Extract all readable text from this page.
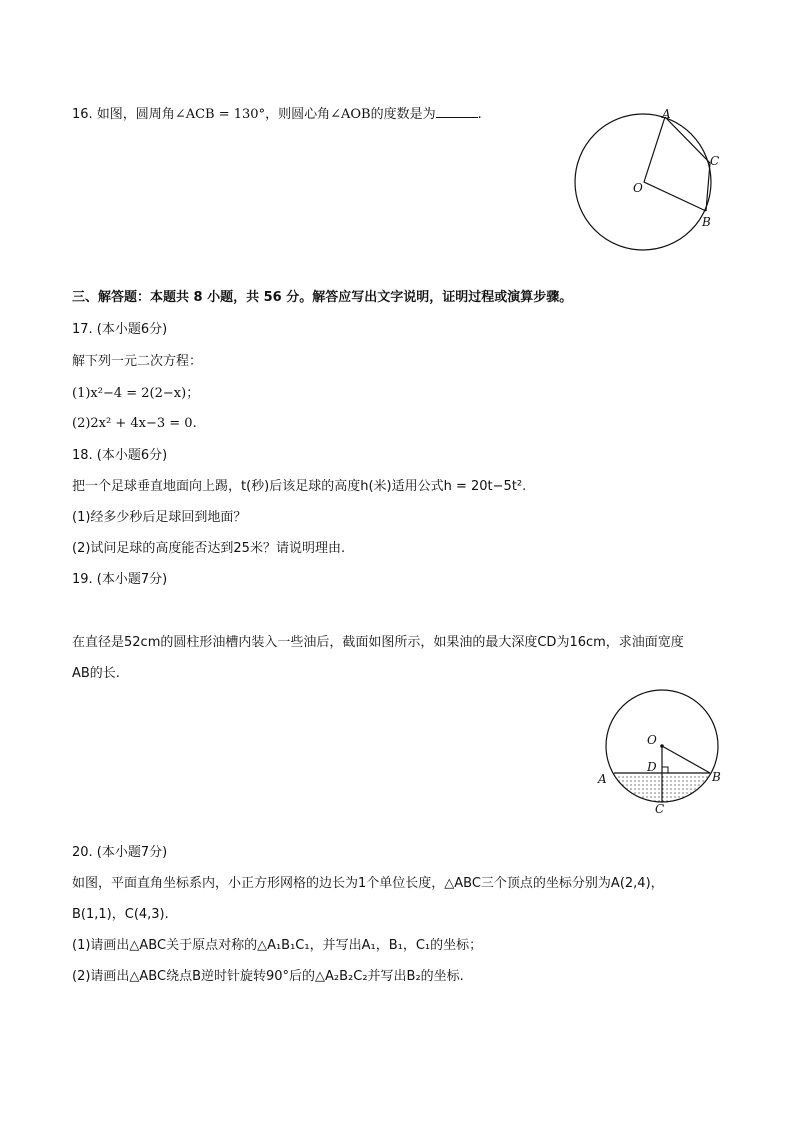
16. 如图，圆周角∠ACB = 130°，则圆心角∠AOB的度数是为	.	A
C
O
B
三、解答题：本题共 8 小题，共 56 分。解答应写出文字说明，证明过程或演算步骤。
17. (本小题6分)
解下列一元二次方程：
(1)x²−4 = 2(2−x)；
(2)2x² + 4x−3 = 0.
18. (本小题6分)
把一个足球垂直地面向上踢，t(秒)后该足球的高度h(米)适用公式h = 20t−5t².
(1)经多少秒后足球回到地面？
(2)试问足球的高度能否达到25米？请说明理由.
19. (本小题7分)
在直径是52cm的圆柱形油槽内装入一些油后，截面如图所示，如果油的最大深度CD为16cm，求油面宽度
AB的长.
O
D
A	B
C
20. (本小题7分)
如图，平面直角坐标系内，小正方形网格的边长为1个单位长度，△ABC三个顶点的坐标分别为A(2,4)，
B(1,1)，C(4,3).
(1)请画出△ABC关于原点对称的△A₁B₁C₁，并写出A₁，B₁，C₁的坐标；
(2)请画出△ABC绕点B逆时针旋转90°后的△A₂B₂C₂并写出B₂的坐标.
